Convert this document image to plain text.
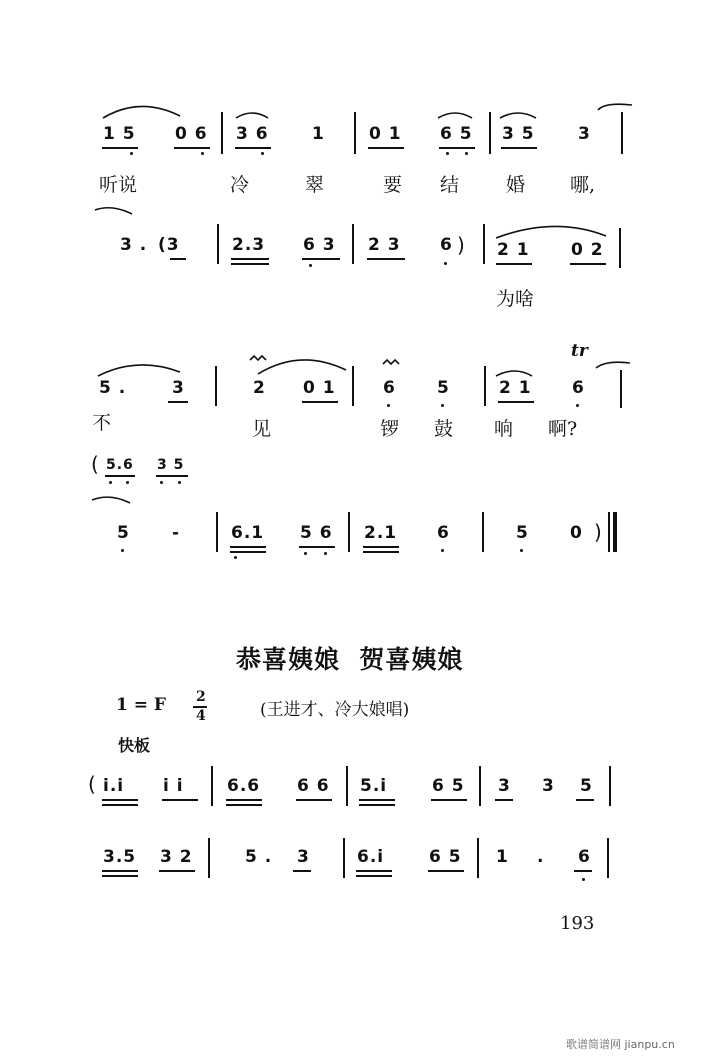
1 5 0 6 3 6	1	0 1 6 5 3 5	3
听说	冷	翠	要 结 婚 哪,
3 . (3	2.3 6 3 2 3 6 ) 2 1 0 2
为啥
tr
5 .	3	2 0 1	6 5	2 1 6
不	见	锣 鼓 响 啊?
( 5.6 3 5
5 -	6.1 5 6 2.1 6	5 0 )
恭喜姨娘  贺喜姨娘
1 = F 2
4	(王进才、冷大娘唱)
快板
( i.i i i	6.6 6 6 5.i	6 5 3 3 5
3.5 3 2	5 . 3	6.i	6 5 1 . 6
193
歌谱简谱网 jianpu.cn
